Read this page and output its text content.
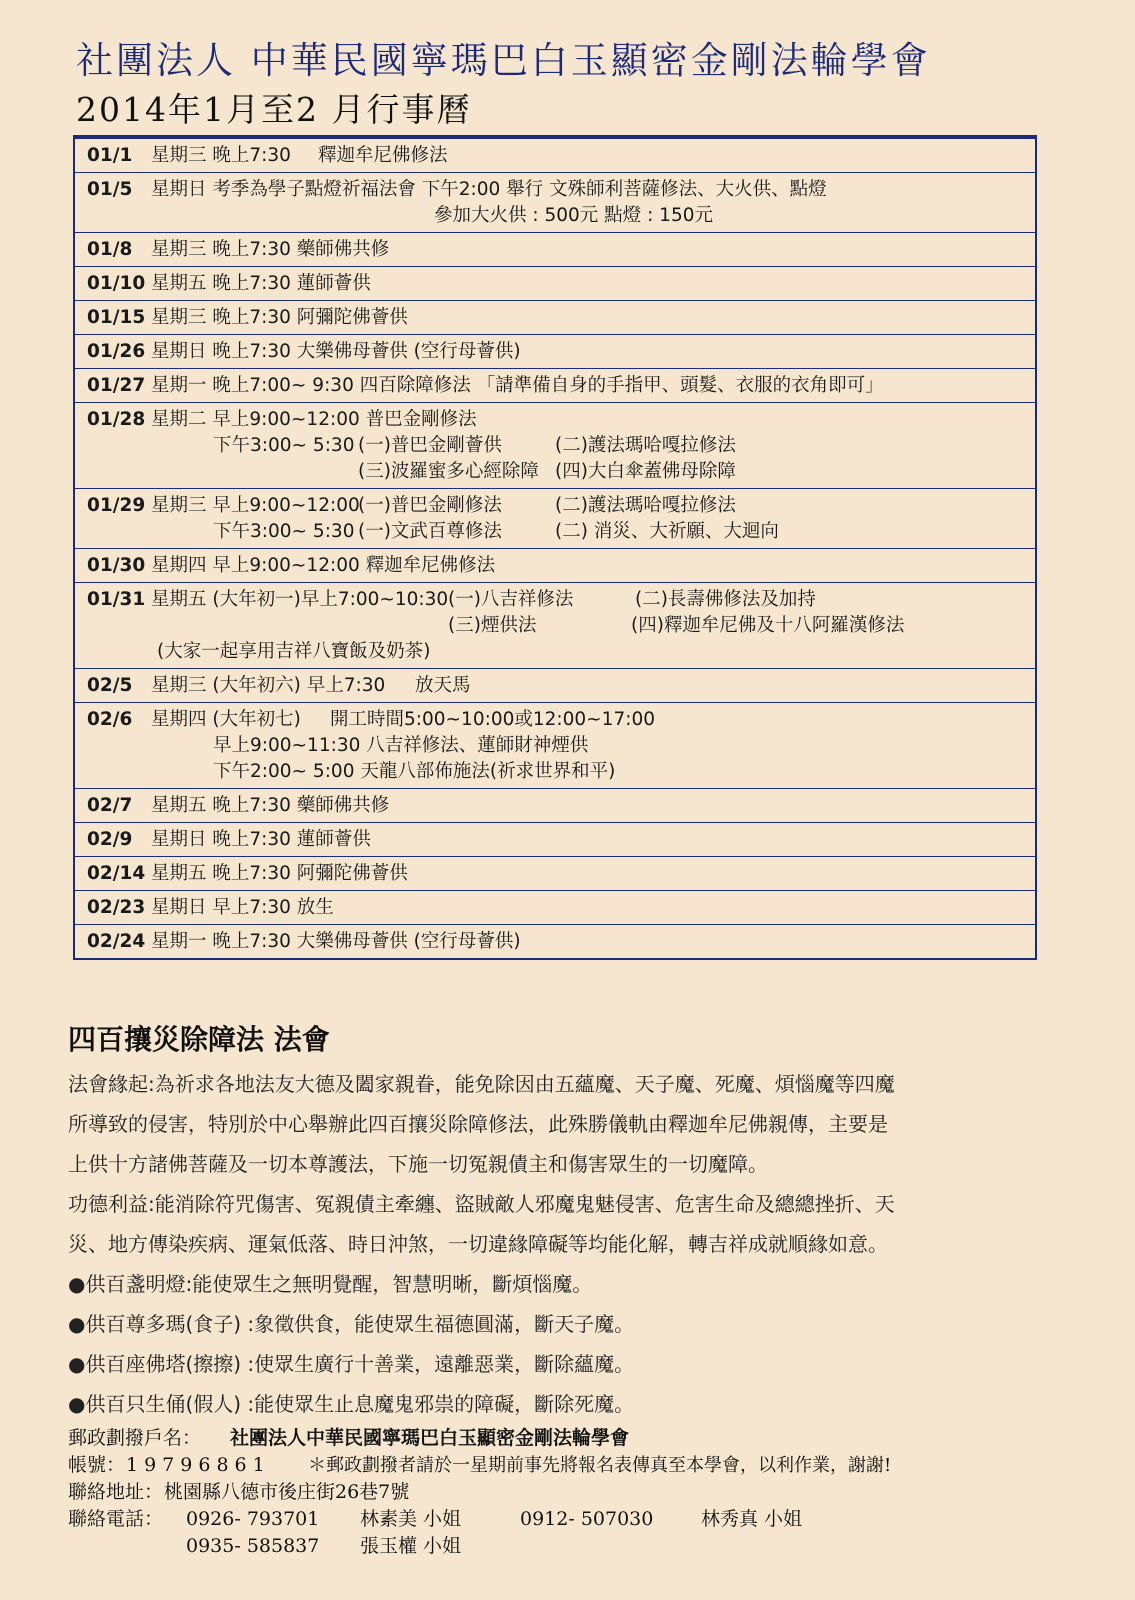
社團法人 中華民國寧瑪巴白玉顯密金剛法輪學會
2014年1月至2 月行事曆
01/1 星期三 晚上7:30 釋迦牟尼佛修法
01/5 星期日 考季為學子點燈祈福法會 下午2:00 舉行 文殊師利菩薩修法、大火供、點燈
參加大火供 : 500元 點燈 : 150元
01/8 星期三 晚上7:30 藥師佛共修
01/10 星期五 晚上7:30 蓮師薈供
01/15 星期三 晚上7:30 阿彌陀佛薈供
01/26 星期日 晚上7:30 大樂佛母薈供 (空行母薈供)
01/27 星期一 晚上7:00~ 9:30 四百除障修法 「請準備自身的手指甲、頭髮、衣服的衣角即可」
01/28 星期二 早上9:00~12:00 普巴金剛修法
下午3:00~ 5:30 (一)普巴金剛薈供	(二)護法瑪哈嘎拉修法
(三)波羅蜜多心經除障 (四)大白傘蓋佛母除障
01/29 星期三 早上9:00~12:00
(一)普巴金剛修法	(二)護法瑪哈嘎拉修法
下午3:00~ 5:30 (一)文武百尊修法	(二) 消災、大祈願、大迴向
01/30 星期四 早上9:00~12:00 釋迦牟尼佛修法
01/31 星期五 (大年初一)早上7:00~10:30 (一)八吉祥修法	(二)長壽佛修法及加持
(三)煙供法	(四)釋迦牟尼佛及十八阿羅漢修法
(大家一起享用吉祥八寶飯及奶茶)
02/5 星期三 (大年初六) 早上7:30 放天馬
02/6 星期四 (大年初七) 開工時間5:00~10:00或12:00~17:00
早上9:00~11:30 八吉祥修法、蓮師財神煙供
下午2:00~ 5:00 天龍八部佈施法(祈求世界和平)
02/7 星期五 晚上7:30 藥師佛共修
02/9 星期日 晚上7:30 蓮師薈供
02/14 星期五 晚上7:30 阿彌陀佛薈供
02/23 星期日 早上7:30 放生
02/24 星期一 晚上7:30 大樂佛母薈供 (空行母薈供)
四百攘災除障法 法會

法會緣起:為祈求各地法友大德及闔家親眷，能免除因由五蘊魔、天子魔、死魔、煩惱魔等四魔

所導致的侵害，特別於中心舉辦此四百攘災除障修法，此殊勝儀軌由釋迦牟尼佛親傳，主要是

上供十方諸佛菩薩及一切本尊護法，下施一切冤親債主和傷害眾生的一切魔障。

功德利益:能消除符咒傷害、冤親債主牽纏、盜賊敵人邪魔鬼魅侵害、危害生命及總總挫折、天

災、地方傳染疾病、運氣低落、時日沖煞，一切違緣障礙等均能化解，轉吉祥成就順緣如意。

●供百盞明燈:能使眾生之無明覺醒，智慧明晰，斷煩惱魔。

●供百尊多瑪(食子) :象徵供食，能使眾生福德圓滿，斷天子魔。

●供百座佛塔(擦擦) :使眾生廣行十善業，遠離惡業，斷除蘊魔。

●供百只生俑(假人) :能使眾生止息魔鬼邪祟的障礙，斷除死魔。

郵政劃撥戶名： 社團法人中華民國寧瑪巴白玉顯密金剛法輪學會
帳號： 19796861 ＊郵政劃撥者請於一星期前事先將報名表傳真至本學會，以利作業，謝謝!
聯絡地址： 桃園縣八德市後庄街26巷7號
聯絡電話： 0926- 793701 林素美 小姐	0912- 507030	林秀真 小姐
0935- 585837 張玉權 小姐
